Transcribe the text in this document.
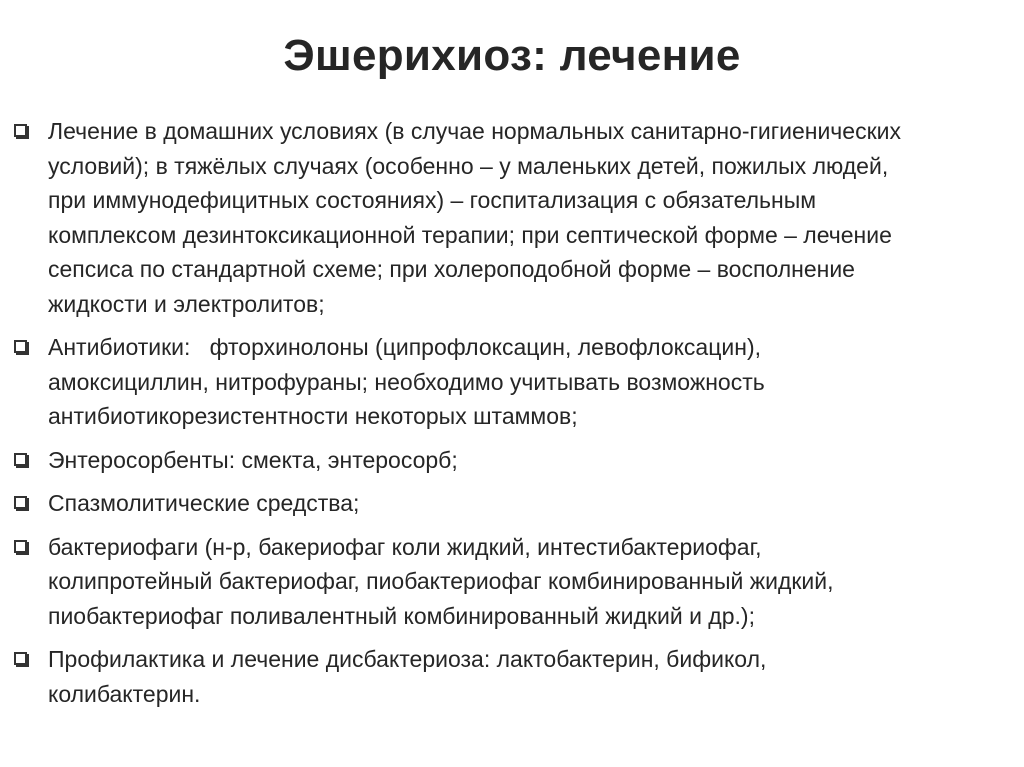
Эшерихиоз: лечение
Лечение в домашних условиях (в случае нормальных санитарно-гигиенических
условий); в тяжёлых случаях (особенно – у маленьких детей, пожилых людей,
при иммунодефицитных состояниях) – госпитализация с обязательным
комплексом дезинтоксикационной терапии; при септической форме – лечение
сепсиса по стандартной схеме; при холероподобной форме – восполнение
жидкости и электролитов;
Антибиотики:   фторхинолоны (ципрофлоксацин, левофлоксацин),
амоксициллин, нитрофураны; необходимо учитывать возможность
антибиотикорезистентности некоторых штаммов;
Энтеросорбенты: смекта, энтеросорб;
Спазмолитические средства;
бактериофаги (н-р, бакериофаг коли жидкий, интестибактериофаг,
колипротейный бактериофаг, пиобактериофаг комбинированный жидкий,
пиобактериофаг поливалентный комбинированный жидкий и др.);
Профилактика и лечение дисбактериоза: лактобактерин, бификол,
колибактерин.
